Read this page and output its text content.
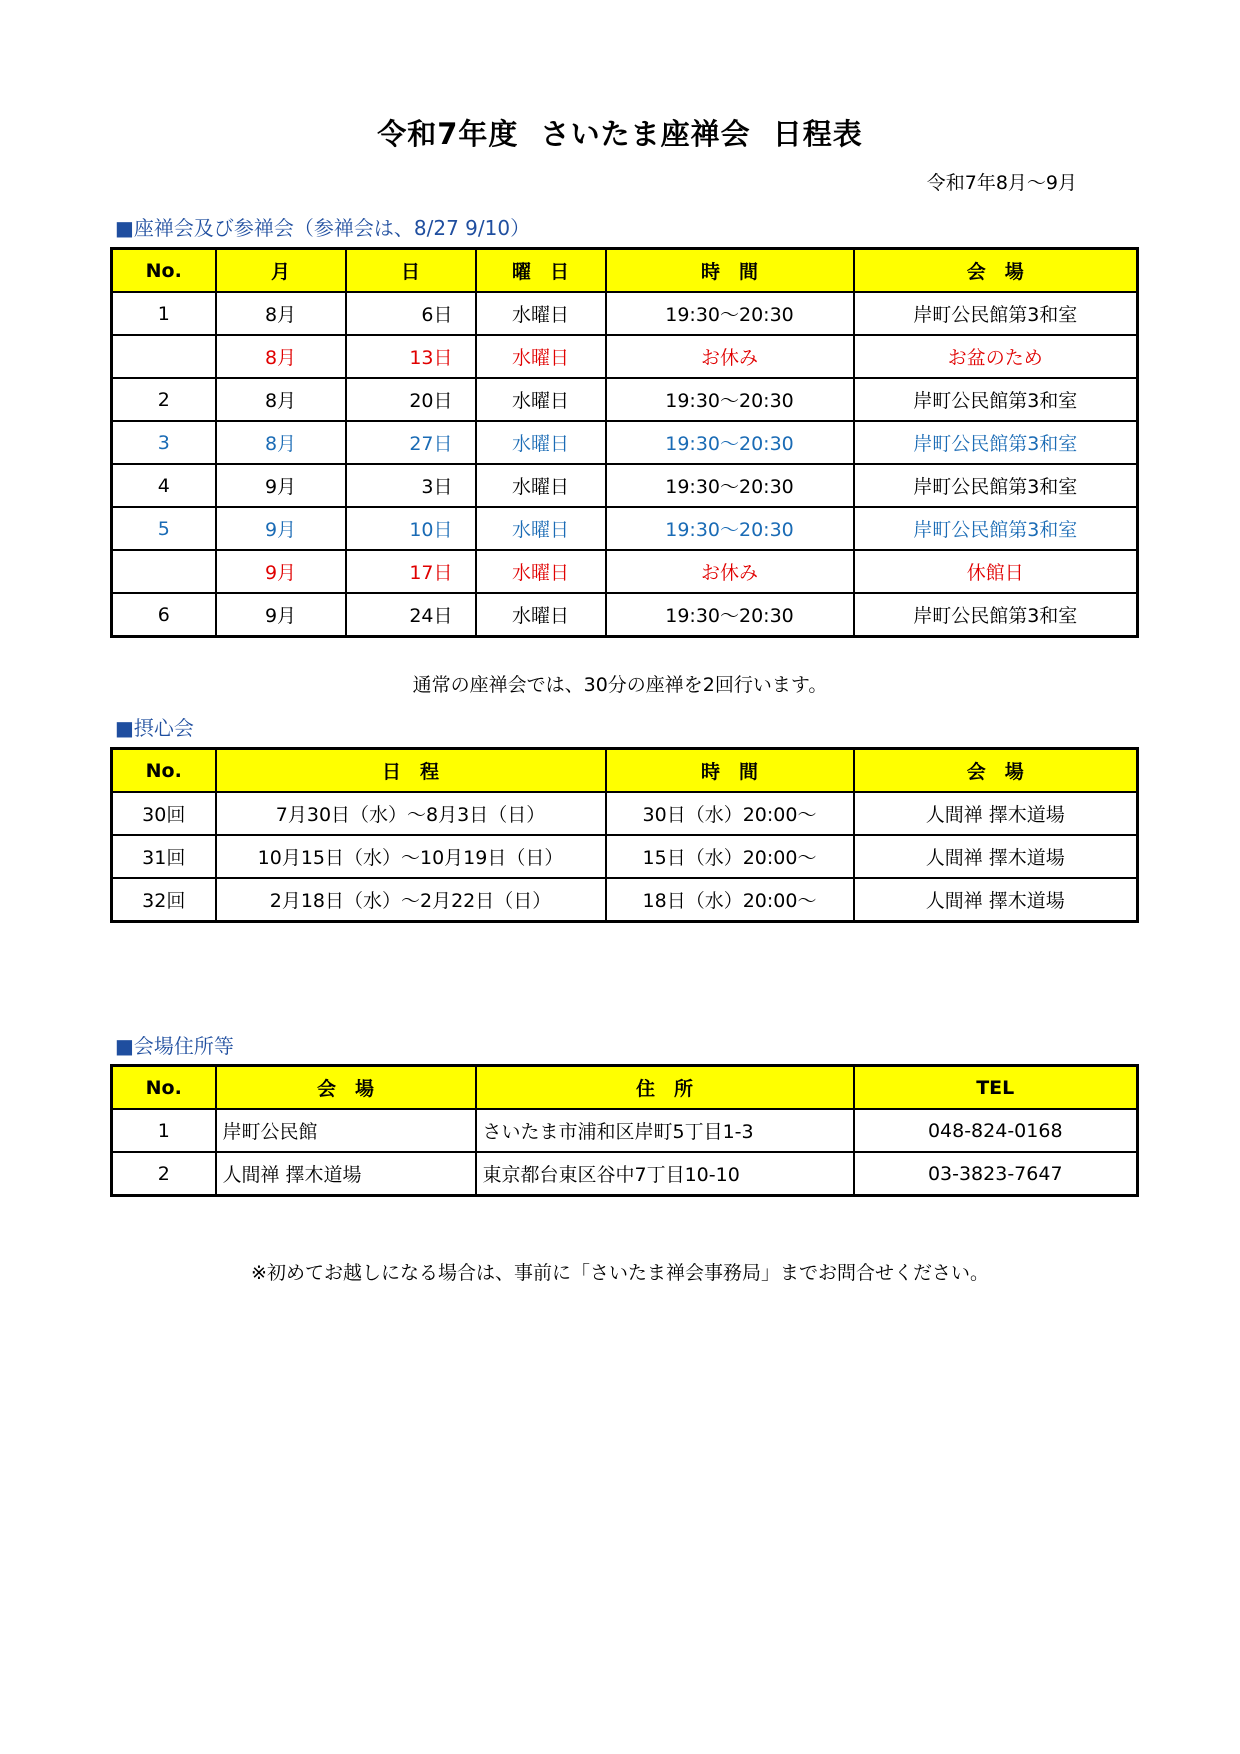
令和7年度  さいたま座禅会  日程表
令和7年8月～9月
■座禅会及び参禅会（参禅会は、8/27 9/10）
No.	月	日	曜　日	時　間	会　場
1	8月	6日	水曜日	19:30～20:30	岸町公民館第3和室
	8月	13日	水曜日	お休み	お盆のため
2	8月	20日	水曜日	19:30～20:30	岸町公民館第3和室
3	8月	27日	水曜日	19:30～20:30	岸町公民館第3和室
4	9月	3日	水曜日	19:30～20:30	岸町公民館第3和室
5	9月	10日	水曜日	19:30～20:30	岸町公民館第3和室
	9月	17日	水曜日	お休み	休館日
6	9月	24日	水曜日	19:30～20:30	岸町公民館第3和室
通常の座禅会では、30分の座禅を2回行います。
■摂心会
No.	日　程	時　間	会　場
30回	7月30日（水）～8月3日（日）	30日（水）20:00～	人間禅 擇木道場
31回	10月15日（水）～10月19日（日）	15日（水）20:00～	人間禅 擇木道場
32回	2月18日（水）～2月22日（日）	18日（水）20:00～	人間禅 擇木道場
■会場住所等
No.	会　場	住　所	TEL
1	岸町公民館	さいたま市浦和区岸町5丁目1-3	048-824-0168
2	人間禅 擇木道場	東京都台東区谷中7丁目10-10	03-3823-7647
※初めてお越しになる場合は、事前に「さいたま禅会事務局」までお問合せください。
